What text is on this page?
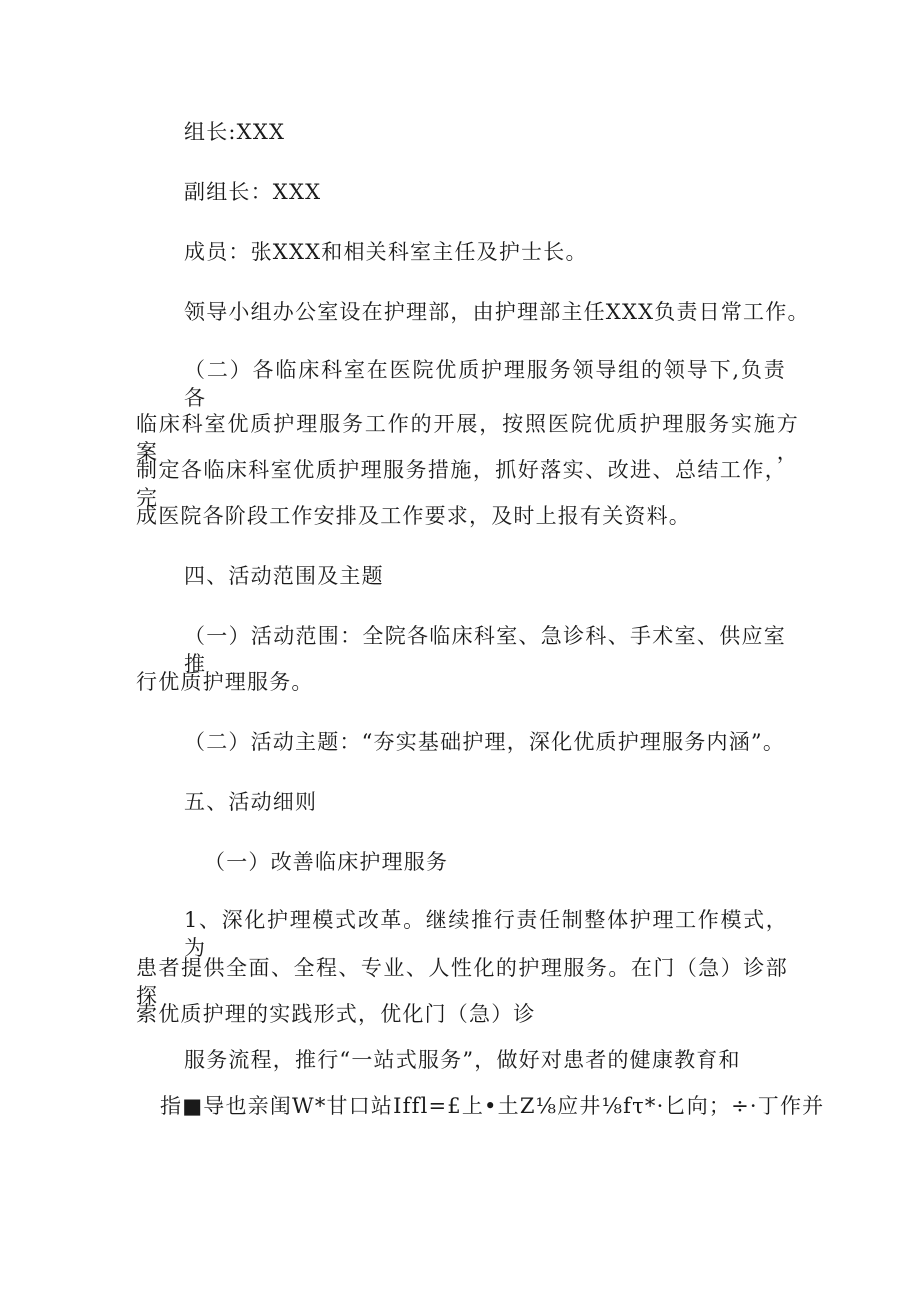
组长:XXX
副组长：XXX
成员：张XXX和相关科室主任及护士长。
领导小组办公室设在护理部，由护理部主任XXX负责日常工作。
（二）各临床科室在医院优质护理服务领导组的领导下,负责各
临床科室优质护理服务工作的开展，按照医院优质护理服务实施方案，
制定各临床科室优质护理服务措施，抓好落实、改进、总结工作，完
成医院各阶段工作安排及工作要求，及时上报有关资料。
四、活动范围及主题
（一）活动范围：全院各临床科室、急诊科、手术室、供应室推
行优质护理服务。
（二）活动主题：“夯实基础护理，深化优质护理服务内涵”。
五、活动细则
（一）改善临床护理服务
1、深化护理模式改革。继续推行责任制整体护理工作模式，为
患者提供全面、全程、专业、人性化的护理服务。在门（急）诊部探
索优质护理的实践形式，优化门（急）诊
服务流程，推行“一站式服务”，做好对患者的健康教育和
指■导也亲闺W*甘口站Iffl=£上•土Z⅛应井⅛fτ*·匕向；÷·丁作并
